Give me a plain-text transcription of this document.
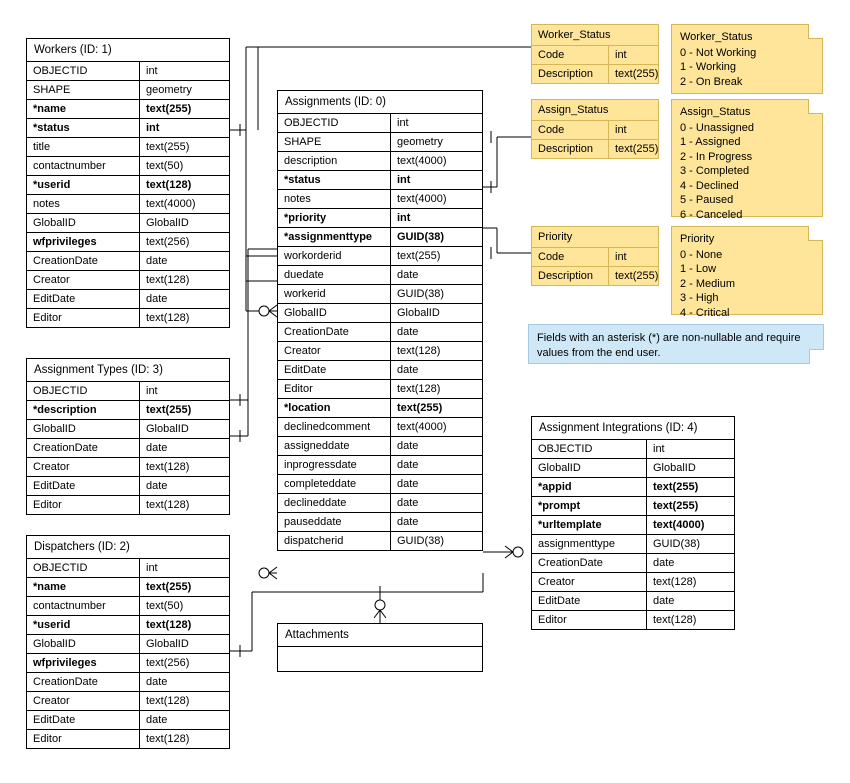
Workers (ID: 1)
OBJECTID	int
SHAPE	geometry
*name	text(255)
*status	int
title	text(255)
contactnumber	text(50)
*userid	text(128)
notes	text(4000)
GlobalID	GlobalID
wfprivileges	text(256)
CreationDate	date
Creator	text(128)
EditDate	date
Editor	text(128)
Assignment Types (ID: 3)
OBJECTID	int
*description	text(255)
GlobalID	GlobalID
CreationDate	date
Creator	text(128)
EditDate	date
Editor	text(128)
Dispatchers (ID: 2)
OBJECTID	int
*name	text(255)
contactnumber	text(50)
*userid	text(128)
GlobalID	GlobalID
wfprivileges	text(256)
CreationDate	date
Creator	text(128)
EditDate	date
Editor	text(128)
Assignments (ID: 0)
OBJECTID	int
SHAPE	geometry
description	text(4000)
*status	int
notes	text(4000)
*priority	int
*assignmenttype	GUID(38)
workorderid	text(255)
duedate	date
workerid	GUID(38)
GlobalID	GlobalID
CreationDate	date
Creator	text(128)
EditDate	date
Editor	text(128)
*location	text(255)
declinedcomment	text(4000)
assigneddate	date
inprogressdate	date
completeddate	date
declineddate	date
pauseddate	date
dispatcherid	GUID(38)
Attachments
Assignment Integrations (ID: 4)
OBJECTID	int
GlobalID	GlobalID
*appid	text(255)
*prompt	text(255)
*urltemplate	text(4000)
assignmenttype	GUID(38)
CreationDate	date
Creator	text(128)
EditDate	date
Editor	text(128)
Worker_Status
Code	int
Description	text(255)
Assign_Status
Code	int
Description	text(255)
Priority
Code	int
Description	text(255)
Worker_Status
0 - Not Working
1 - Working
2 - On Break
Assign_Status
0 - Unassigned
1 - Assigned
2 - In Progress
3 - Completed
4 - Declined
5 - Paused
6 - Canceled
Priority
0 - None
1 - Low
2 - Medium
3 - High
4 - Critical
Fields with an asterisk (*) are non-nullable and require values from the end user.
